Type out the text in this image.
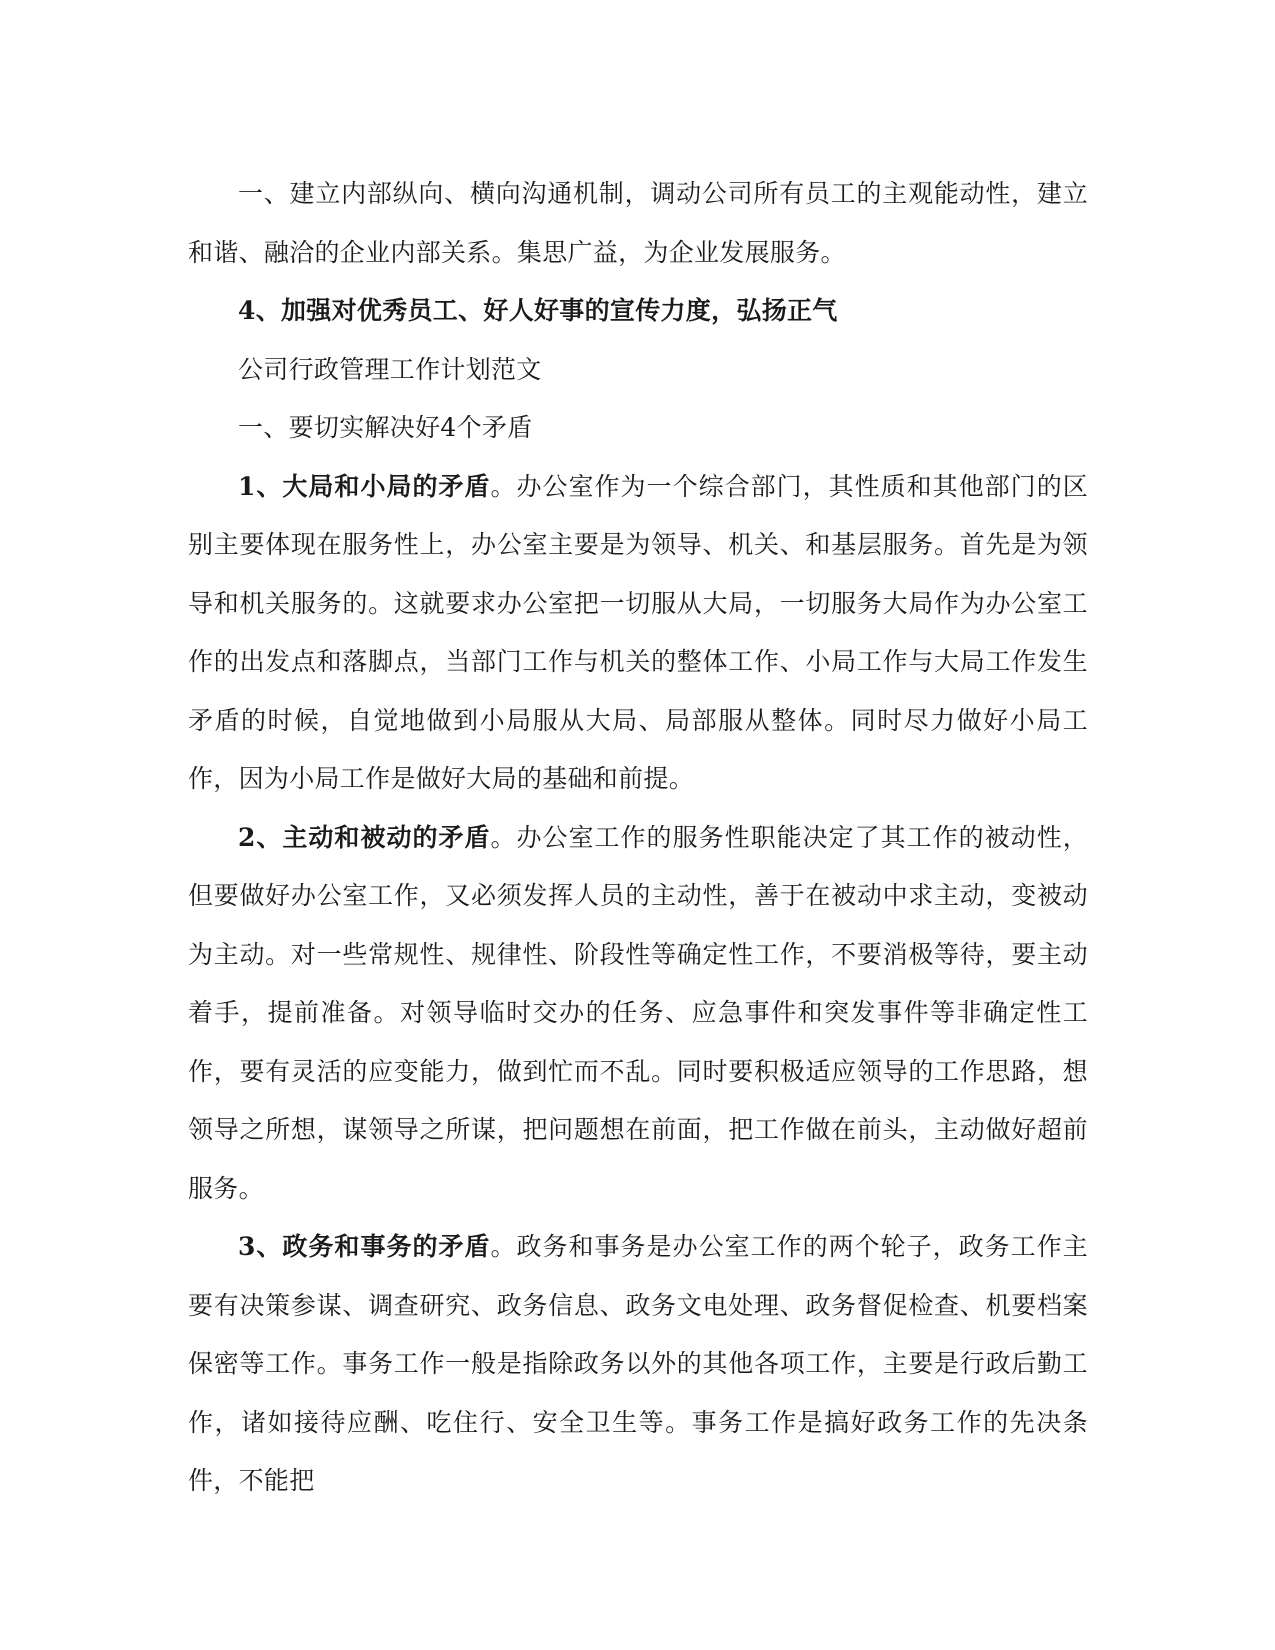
一、建立内部纵向、横向沟通机制，调动公司所有员工的主观能动性，建立和谐、融洽的企业内部关系。集思广益，为企业发展服务。

4、加强对优秀员工、好人好事的宣传力度，弘扬正气

公司行政管理工作计划范文

一、要切实解决好4个矛盾

1、大局和小局的矛盾。办公室作为一个综合部门，其性质和其他部门的区别主要体现在服务性上，办公室主要是为领导、机关、和基层服务。首先是为领导和机关服务的。这就要求办公室把一切服从大局，一切服务大局作为办公室工作的出发点和落脚点，当部门工作与机关的整体工作、小局工作与大局工作发生矛盾的时候，自觉地做到小局服从大局、局部服从整体。同时尽力做好小局工作，因为小局工作是做好大局的基础和前提。

2、主动和被动的矛盾。办公室工作的服务性职能决定了其工作的被动性，但要做好办公室工作，又必须发挥人员的主动性，善于在被动中求主动，变被动为主动。对一些常规性、规律性、阶段性等确定性工作，不要消极等待，要主动着手，提前准备。对领导临时交办的任务、应急事件和突发事件等非确定性工作，要有灵活的应变能力，做到忙而不乱。同时要积极适应领导的工作思路，想领导之所想，谋领导之所谋，把问题想在前面，把工作做在前头，主动做好超前服务。

3、政务和事务的矛盾。政务和事务是办公室工作的两个轮子，政务工作主要有决策参谋、调查研究、政务信息、政务文电处理、政务督促检查、机要档案保密等工作。事务工作一般是指除政务以外的其他各项工作，主要是行政后勤工作，诸如接待应酬、吃住行、安全卫生等。事务工作是搞好政务工作的先决条件，不能把
